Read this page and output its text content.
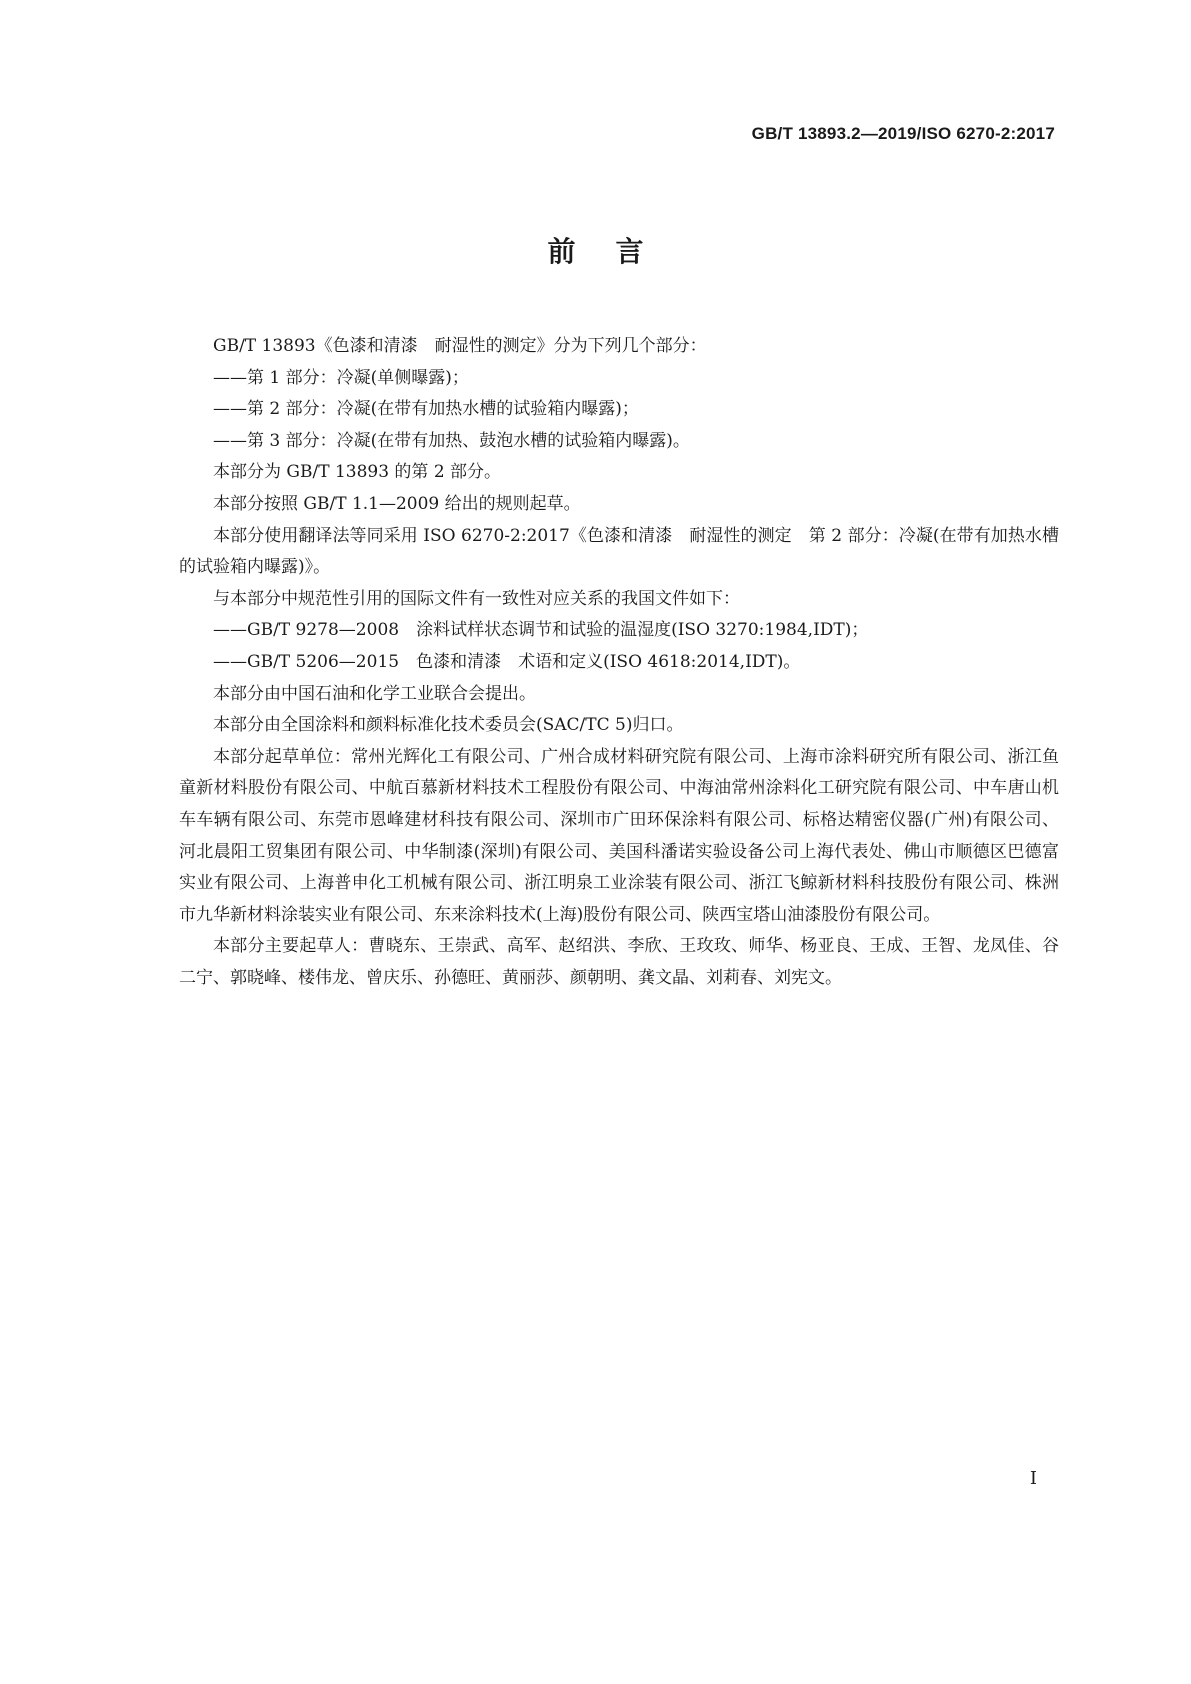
GB/T 13893.2—2019/ISO 6270-2:2017
前言

GB/T 13893《色漆和清漆　耐湿性的测定》分为下列几个部分：

——第 1 部分：冷凝(单侧曝露)；

——第 2 部分：冷凝(在带有加热水槽的试验箱内曝露)；

——第 3 部分：冷凝(在带有加热、鼓泡水槽的试验箱内曝露)。

本部分为 GB/T 13893 的第 2 部分。

本部分按照 GB/T 1.1—2009 给出的规则起草。

本部分使用翻译法等同采用 ISO 6270-2:2017《色漆和清漆　耐湿性的测定　第 2 部分：冷凝(在带有加热水槽的试验箱内曝露)》。

与本部分中规范性引用的国际文件有一致性对应关系的我国文件如下：

——GB/T 9278—2008　涂料试样状态调节和试验的温湿度(ISO 3270:1984,IDT)；

——GB/T 5206—2015　色漆和清漆　术语和定义(ISO 4618:2014,IDT)。

本部分由中国石油和化学工业联合会提出。

本部分由全国涂料和颜料标准化技术委员会(SAC/TC 5)归口。

本部分起草单位：常州光辉化工有限公司、广州合成材料研究院有限公司、上海市涂料研究所有限公司、浙江鱼童新材料股份有限公司、中航百慕新材料技术工程股份有限公司、中海油常州涂料化工研究院有限公司、中车唐山机车车辆有限公司、东莞市恩峰建材科技有限公司、深圳市广田环保涂料有限公司、标格达精密仪器(广州)有限公司、河北晨阳工贸集团有限公司、中华制漆(深圳)有限公司、美国科潘诺实验设备公司上海代表处、佛山市顺德区巴德富实业有限公司、上海普申化工机械有限公司、浙江明泉工业涂装有限公司、浙江飞鲸新材料科技股份有限公司、株洲市九华新材料涂装实业有限公司、东来涂料技术(上海)股份有限公司、陕西宝塔山油漆股份有限公司。

本部分主要起草人：曹晓东、王崇武、高军、赵绍洪、李欣、王玫玫、师华、杨亚良、王成、王智、龙凤佳、谷二宁、郭晓峰、楼伟龙、曾庆乐、孙德旺、黄丽莎、颜朝明、龚文晶、刘莉春、刘宪文。

I
